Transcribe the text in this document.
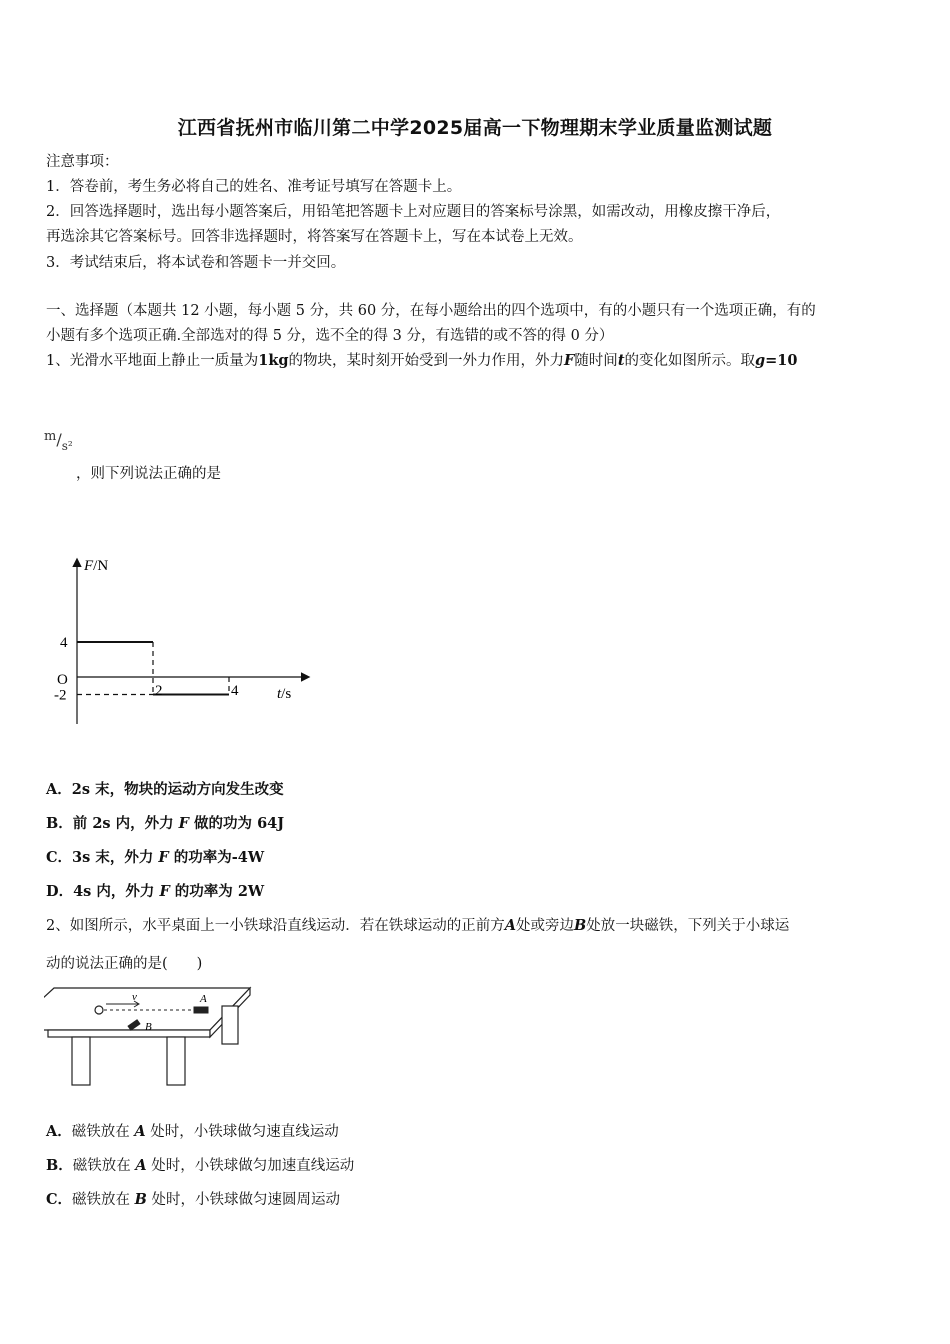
江西省抚州市临川第二中学2025届高一下物理期末学业质量监测试题
注意事项：
1．答卷前，考生务必将自己的姓名、准考证号填写在答题卡上。
2．回答选择题时，选出每小题答案后，用铅笔把答题卡上对应题目的答案标号涂黑，如需改动，用橡皮擦干净后，
再选涂其它答案标号。回答非选择题时，将答案写在答题卡上，写在本试卷上无效。
3．考试结束后，将本试卷和答题卡一并交回。
一、选择题（本题共 12 小题，每小题 5 分，共 60 分，在每小题给出的四个选项中，有的小题只有一个选项正确，有的
小题有多个选项正确.全部选对的得 5 分，选不全的得 3 分，有选错的或不答的得 0 分）
1、光滑水平地面上静止一质量为1kg的物块，某时刻开始受到一外力作用，外力F随时间t的变化如图所示。取g=10
m/s²
，则下列说法正确的是
F/N
4
O
-2	2	4	t/s
A．2s 末，物块的运动方向发生改变
B．前 2s 内，外力 F 做的功为 64J
C．3s 末，外力 F 的功率为-4W
D．4s 内，外力 F 的功率为 2W
2、如图所示，水平桌面上一小铁球沿直线运动．若在铁球运动的正前方A处或旁边B处放一块磁铁，下列关于小球运
动的说法正确的是(　　)
v	A
B
A．磁铁放在 A 处时，小铁球做匀速直线运动
B．磁铁放在 A 处时，小铁球做匀加速直线运动
C．磁铁放在 B 处时，小铁球做匀速圆周运动
